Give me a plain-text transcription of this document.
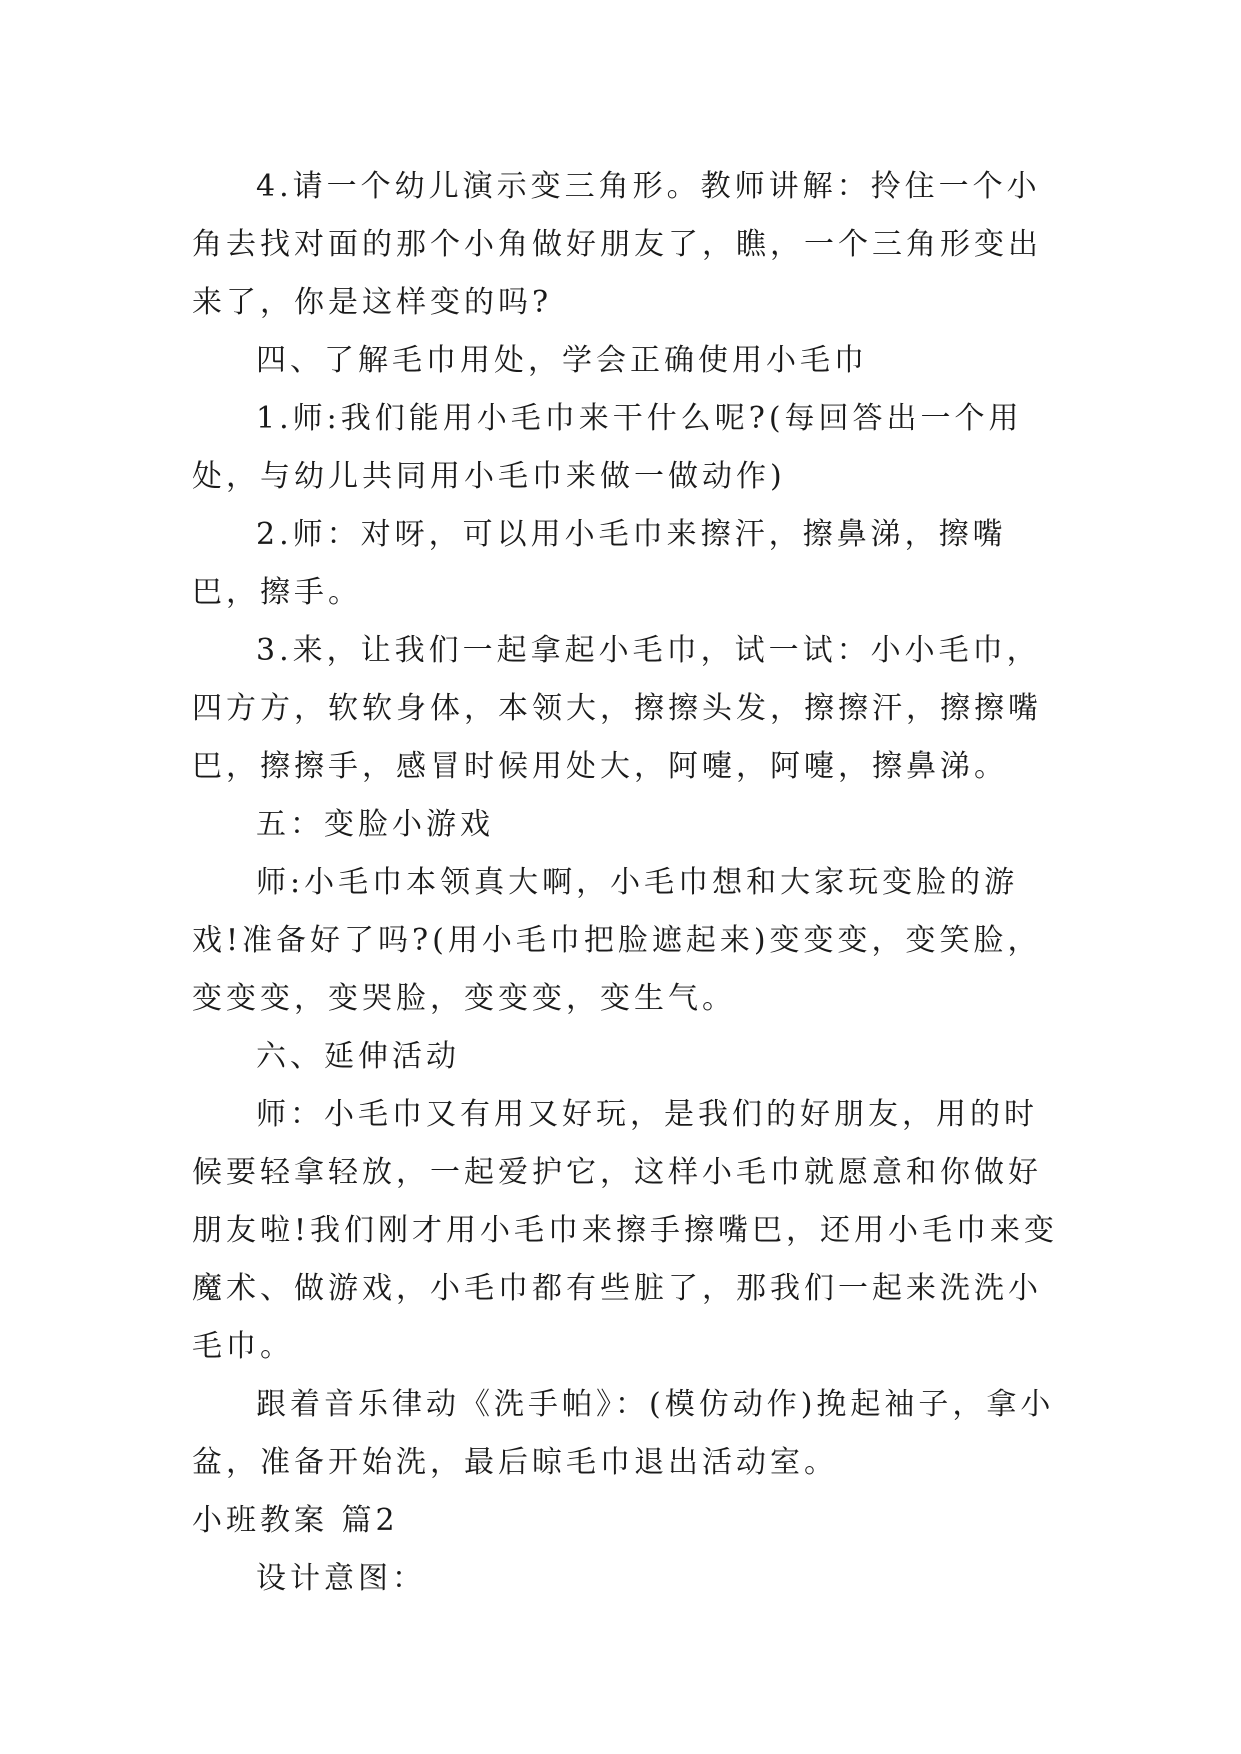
4.请一个幼儿演示变三角形。教师讲解：拎住一个小角去找对面的那个小角做好朋友了，瞧，一个三角形变出来了，你是这样变的吗?

四、了解毛巾用处，学会正确使用小毛巾

1.师:我们能用小毛巾来干什么呢?(每回答出一个用处，与幼儿共同用小毛巾来做一做动作)

2.师：对呀，可以用小毛巾来擦汗，擦鼻涕，擦嘴巴，擦手。

3.来，让我们一起拿起小毛巾，试一试：小小毛巾，四方方，软软身体，本领大，擦擦头发，擦擦汗，擦擦嘴巴，擦擦手，感冒时候用处大，阿嚏，阿嚏，擦鼻涕。

五：变脸小游戏

师:小毛巾本领真大啊，小毛巾想和大家玩变脸的游戏!准备好了吗?(用小毛巾把脸遮起来)变变变，变笑脸，变变变，变哭脸，变变变，变生气。

六、延伸活动

师：小毛巾又有用又好玩，是我们的好朋友，用的时候要轻拿轻放，一起爱护它，这样小毛巾就愿意和你做好朋友啦!我们刚才用小毛巾来擦手擦嘴巴，还用小毛巾来变魔术、做游戏，小毛巾都有些脏了，那我们一起来洗洗小毛巾。

跟着音乐律动《洗手帕》：(模仿动作)挽起袖子，拿小盆，准备开始洗，最后晾毛巾退出活动室。

小班教案 篇2

设计意图：
